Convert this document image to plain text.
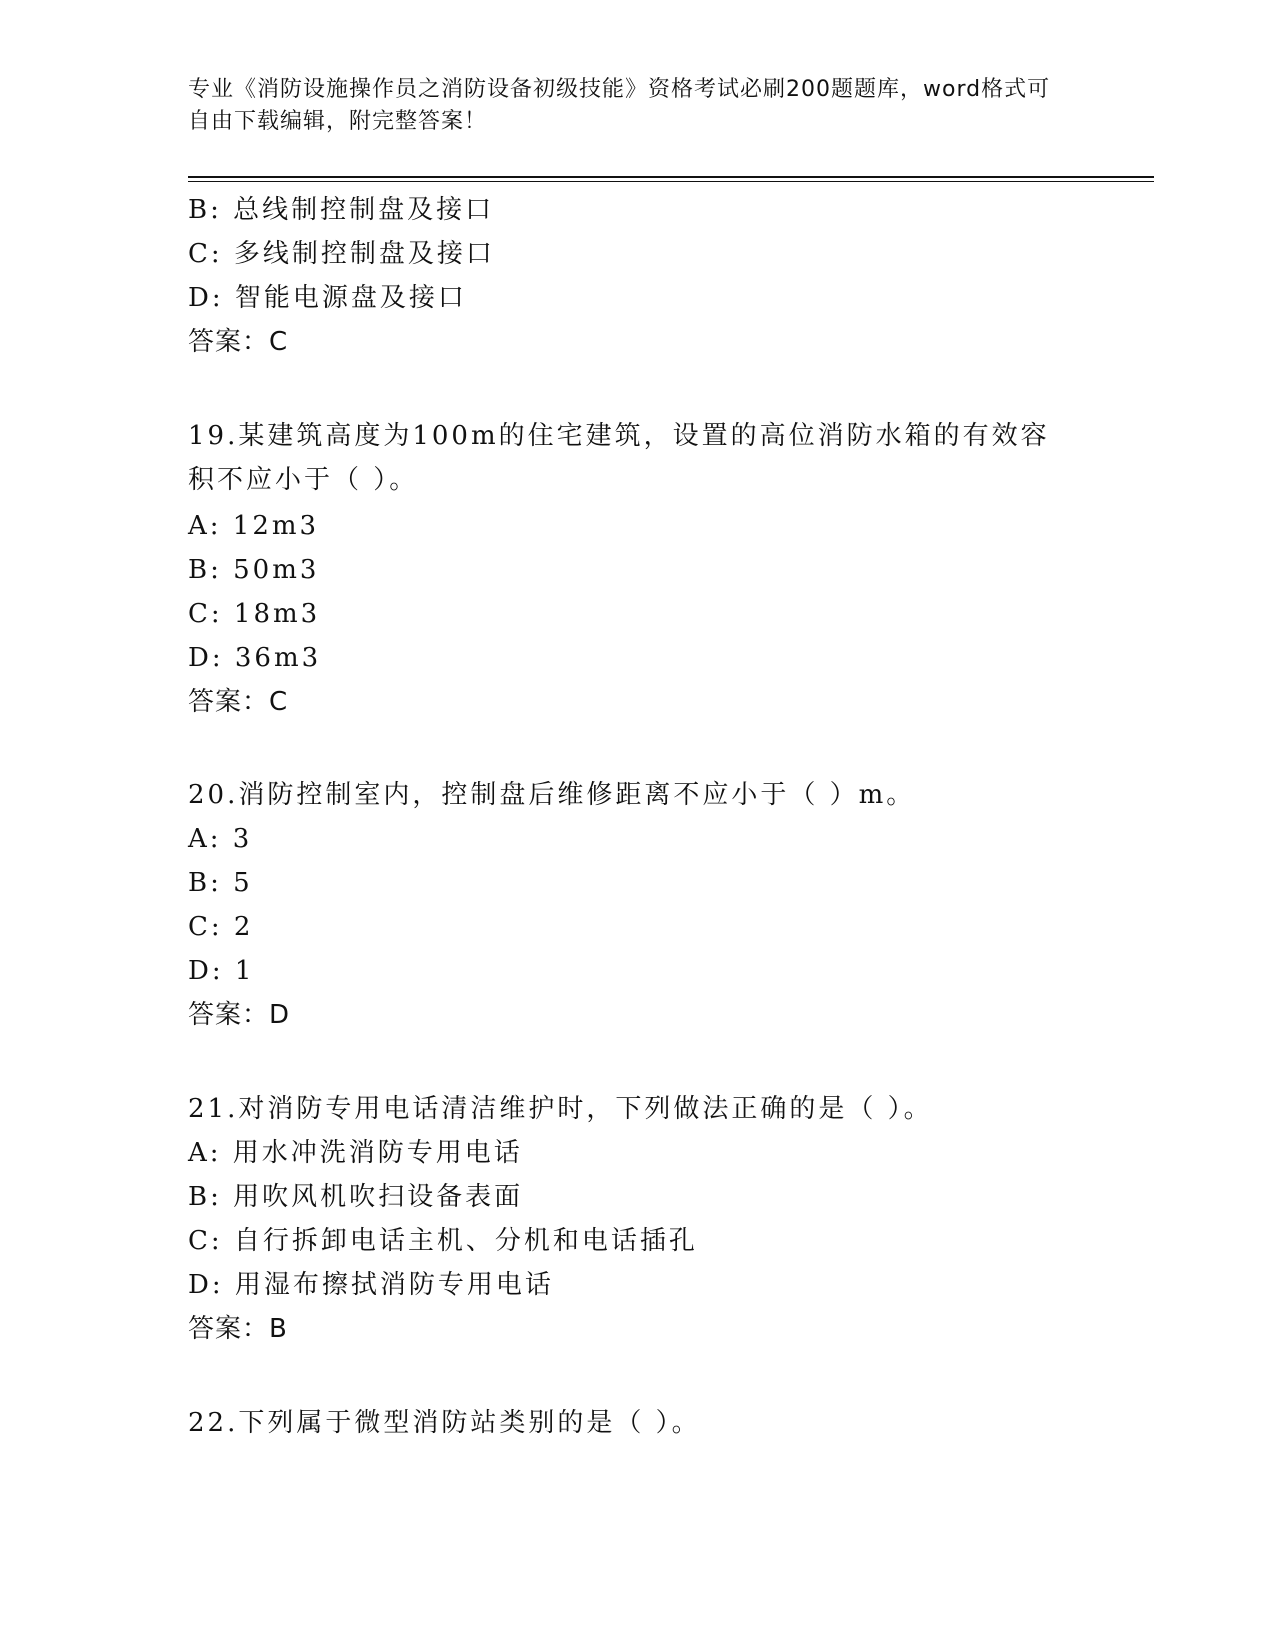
专业《消防设施操作员之消防设备初级技能》资格考试必刷200题题库，word格式可自由下载编辑，附完整答案！
B: 总线制控制盘及接口
C: 多线制控制盘及接口
D: 智能电源盘及接口
答案：C
19.某建筑高度为100m的住宅建筑，设置的高位消防水箱的有效容积不应小于（ ）。
A: 12m3
B: 50m3
C: 18m3
D: 36m3
答案：C
20.消防控制室内，控制盘后维修距离不应小于（ ）m。
A: 3
B: 5
C: 2
D: 1
答案：D
21.对消防专用电话清洁维护时，下列做法正确的是（ ）。
A: 用水冲洗消防专用电话
B: 用吹风机吹扫设备表面
C: 自行拆卸电话主机、分机和电话插孔
D: 用湿布擦拭消防专用电话
答案：B
22.下列属于微型消防站类别的是（ ）。
